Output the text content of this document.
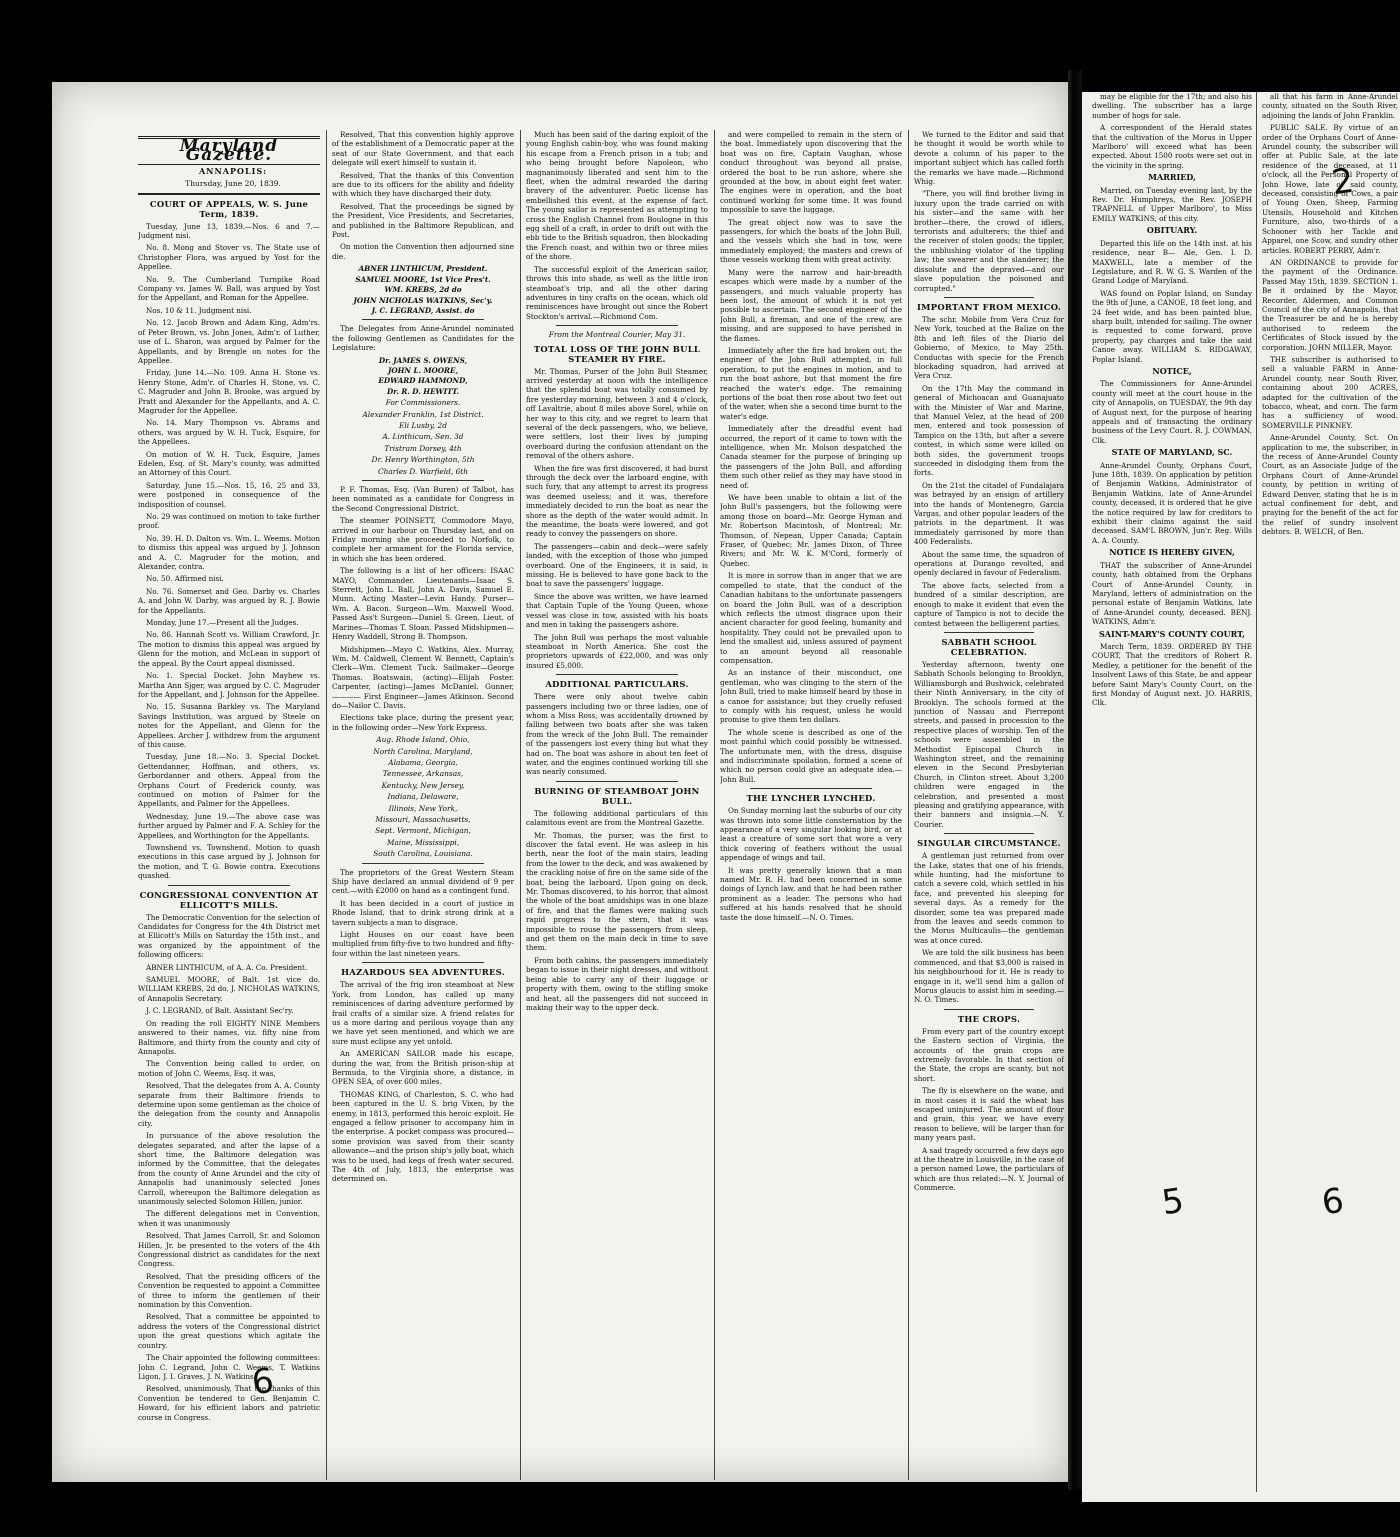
Maryland Gazette.

ANNAPOLIS:

Thursday, June 20, 1839.

COURT OF APPEALS, W. S. June Term, 1839.

Tuesday, June 13, 1839.—Nos. 6 and 7.—Judgment nisi.

No. 8. Mong and Stover vs. The State use of Christopher Flora, was argued by Yost for the Appellee.

No. 9. The Cumberland Turnpike Road Company vs. James W. Ball, was argued by Yost for the Appellant, and Roman for the Appellee.

Nos. 10 & 11. Judgment nisi.

No. 12. Jacob Brown and Adam King, Adm'rs. of Peter Brown, vs. John Jones, Adm'r. of Luther, use of L. Sharon, was argued by Palmer for the Appellants, and by Brengle on notes for the Appellee.

Friday, June 14.—No. 109. Anna H. Stone vs. Henry Stone, Adm'r. of Charles H. Stone, vs. C. C. Magruder and John B. Brooke, was argued by Pratt and Alexander for the Appellants, and A. C. Magruder for the Appellee.

No. 14. Mary Thompson vs. Abrams and others, was argued by W. H. Tuck, Esquire, for the Appellees.

On motion of W. H. Tuck, Esquire, James Edelen, Esq. of St. Mary's county, was admitted an Attorney of this Court.

Saturday, June 15.—Nos. 15, 16, 25 and 33, were postponed in consequence of the indisposition of counsel.

No. 29 was continued on motion to take further proof.

No. 39. H. D. Dalton vs. Wm. L. Weems. Motion to dismiss this appeal was argued by J. Johnson and A. C. Magruder for the motion, and Alexander, contra.

No. 50. Affirmed nisi.

No. 76. Somerset and Geo. Darby vs. Charles A. and John W. Darby, was argued by R. J. Bowie for the Appellants.

Monday, June 17.—Present all the Judges.

No. 86. Hannah Scott vs. William Crawford, Jr. The motion to dismiss this appeal was argued by Glenn for the motion, and McLean in support of the appeal. By the Court appeal dismissed.

No. 1. Special Docket. John Mayhew vs. Martha Ann Sjger, was argued by C. C. Magruder for the Appellant, and J. Johnson for the Appellee.

No. 15. Susanna Barkley vs. The Maryland Savings Institution, was argued by Steele on notes for the Appellant, and Glenn for the Appellees. Archer J. withdrew from the argument of this cause.

Tuesday, June 18.—No. 3. Special Docket. Gettendanner, Hoffman, and others, vs. Gerbordanner and others. Appeal from the Orphans Court of Frederick county, was continued on motion of Palmer for the Appellants, and Palmer for the Appellees.

Wednesday, June 19.—The above case was further argued by Palmer and F. A. Schley for the Appellees, and Worthington for the Appellants.

Townshend vs. Townshend. Motion to quash executions in this case argued by J. Johnson for the motion, and T. G. Bowie contra. Executions quashed.

CONGRESSIONAL CONVENTION AT ELLICOTT'S MILLS.

The Democratic Convention for the selection of Candidates for Congress for the 4th District met at Ellicott's Mills on Saturday the 15th inst., and was organized by the appointment of the following officers:

ABNER LINTHICUM, of A. A. Co. President.

SAMUEL MOORE, of Balt. 1st vice do. WILLIAM KREBS, 2d do. J. NICHOLAS WATKINS, of Annapolis Secretary.

J. C. LEGRAND, of Balt. Assistant Sec'ry.

On reading the roll EIGHTY NINE Members answered to their names, viz. fifty nine from Baltimore, and thirty from the county and city of Annapolis.

The Convention being called to order, on motion of John C. Weems, Esq. it was,

Resolved, That the delegates from A. A. County separate from their Baltimore friends to determine upon some gentleman as the choice of the delegation from the county and Annapolis city.

In pursuance of the above resolution the delegates separated, and after the lapse of a short time, the Baltimore delegation was informed by the Committee, that the delegates from the county of Anne Arundel and the city of Annapolis had unanimously selected Jones Carroll, whereupon the Baltimore delegation as unanimously selected Solomon Hillen, junior.

The different delegations met in Convention, when it was unanimously

Resolved, That James Carroll, Sr. and Solomon Hillen, Jr. be presented to the voters of the 4th Congressional district as candidates for the next Congress.

Resolved, That the presiding officers of the Convention be requested to appoint a Committee of three to inform the gentlemen of their nomination by this Convention.

Resolved, That a committee be appointed to address the voters of the Congressional district upon the great questions which agitate the country.

The Chair appointed the following committees: John C. Legrand, John C. Weems, T. Watkins Ligon, J. I. Graves, J. N. Watkins.

Resolved, unanimously, That the thanks of this Convention be tendered to Gen. Benjamin C. Howard, for his efficient labors and patriotic course in Congress.

Resolved, That this convention highly approve of the establishment of a Democratic paper at the seat of our State Government, and that each delegate will exert himself to sustain it.

Resolved, That the thanks of this Convention are due to its officers for the ability and fidelity with which they have discharged their duty.

Resolved, That the proceedings be signed by the President, Vice Presidents, and Secretaries, and published in the Baltimore Republican, and Post.

On motion the Convention then adjourned sine die.

ABNER LINTHICUM, President.

SAMUEL MOORE, 1st Vice Pres't.

WM. KREBS, 2d do

JOHN NICHOLAS WATKINS, Sec'y.

J. C. LEGRAND, Assist. do

The Delegates from Anne-Arundel nominated the following Gentlemen as Candidates for the Legislature:

Dr. JAMES S. OWENS,

JOHN L. MOORE,

EDWARD HAMMOND,

Dr. R. D. HEWITT.

For Commissioners.

Alexander Franklin, 1st District.

Eli Lusby, 2d

A. Linthicum, Sen. 3d

Tristram Dorsey, 4th

Dr. Henry Worthington, 5th

Charles D. Warfield, 6th

P. F. Thomas, Esq. (Van Buren) of Talbot, has been nominated as a candidate for Congress in the Second Congressional District.

The steamer POINSETT, Commodore Mayo, arrived in our harbour on Thursday last, and on Friday morning she proceeded to Norfolk, to complete her armament for the Florida service, in which she has been ordered.

The following is a list of her officers: ISAAC MAYO, Commander. Lieutenants—Isaac S. Sterrett, John L. Ball, John A. Davis, Samuel E. Munn. Acting Master—Levin Handy. Purser—Wm. A. Bacon. Surgeon—Wm. Maxwell Wood. Passed Ass't Surgeon—Daniel S. Green. Lieut. of Marines—Thomas T. Sloan. Passed Midshipmen—Henry Waddell, Strong B. Thompson.

Midshipmen—Mayo C. Watkins, Alex. Murray, Wm. M. Caldwell, Clement W. Bennett, Captain's Clerk—Wm. Clement Tuck. Sailmaker—George Thomas. Boatswain, (acting)—Elijah Foster. Carpenter, (acting)—James McDaniel. Gunner, ———— First Engineer—James Atkinson. Second do—Nailor C. Davis.

Elections take place, during the present year, in the following order—New York Express.

Aug. Rhode Island, Ohio,

North Carolina, Maryland,

Alabama, Georgia,

Tennessee, Arkansas,

Kentucky, New Jersey,

Indiana, Delaware,

Illinois, New York,

Missouri, Massachusetts,

Sept. Vermont, Michigan,

Maine, Mississippi,

South Carolina, Louisiana.

The proprietors of the Great Western Steam Ship have declared an annual dividend of 9 per cent.—with £2000 on hand as a contingent fund.

It has been decided in a court of justice in Rhode Island, that to drink strong drink at a tavern subjects a man to disgrace.

Light Houses on our coast have been multiplied from fifty-five to two hundred and fifty-four within the last nineteen years.

HAZARDOUS SEA ADVENTURES.

The arrival of the frig iron steamboat at New York, from London, has called up many reminiscences of daring adventure performed by frail crafts of a similar size. A friend relates for us a more daring and perilous voyage than any we have yet seen mentioned, and which we are sure must eclipse any yet untold.

An AMERICAN SAILOR made his escape, during the war, from the British prison-ship at Bermuda, to the Virginia shore, a distance, in OPEN SEA, of over 600 miles.

THOMAS KING, of Charleston, S. C. who had been captured in the U. S. brig Vixen, by the enemy, in 1813, performed this heroic exploit. He engaged a fellow prisoner to accompany him in the enterprise. A pocket compass was procured—some provision was saved from their scanty allowance—and the prison ship's jolly boat, which was to be used, had kegs of fresh water secured. The 4th of July, 1813, the enterprise was determined on.

Much has been said of the daring exploit of the young English cabin-boy, who was found making his escape from a French prison in a tub; and who being brought before Napoleon, who magnanimously liberated and sent him to the fleet, when the admiral rewarded the daring bravery of the adventurer. Poetic license has embellished this event, at the expense of fact. The young sailor is represented as attempting to cross the English Channel from Boulogne in this egg shell of a craft, in order to drift out with the ebb tide to the British squadron, then blockading the French coast, and within two or three miles of the shore.

The successful exploit of the American sailor, throws this into shade, as well as the little iron steamboat's trip, and all the other daring adventures in tiny crafts on the ocean, which old reminiscences have brought out since the Robert Stockton's arrival.—Richmond Com.

From the Montreal Courier, May 31.

TOTAL LOSS OF THE JOHN BULL STEAMER BY FIRE.

Mr. Thomas, Purser of the John Bull Steamer, arrived yesterday at noon with the intelligence that the splendid boat was totally consumed by fire yesterday morning, between 3 and 4 o'clock, off Lavaltrie, about 8 miles above Sorel, while on her way to this city, and we regret to learn that several of the deck passengers, who, we believe, were settlers, lost their lives by jumping overboard during the confusion attendant on the removal of the others ashore.

When the fire was first discovered, it had burst through the deck over the larboard engine, with such fury, that any attempt to arrest its progress was deemed useless; and it was, therefore immediately decided to run the boat as near the shore as the depth of the water would admit. In the meantime, the boats were lowered, and got ready to convey the passengers on shore.

The passengers—cabin and deck—were safely landed, with the exception of those who jumped overboard. One of the Engineers, it is said, is missing. He is believed to have gone back to the boat to save the passengers' luggage.

Since the above was written, we have learned that Captain Tuple of the Young Queen, whose vessel was close in tow, assisted with his boats and men in taking the passengers ashore.

The John Bull was perhaps the most valuable steamboat in North America. She cost the proprietors upwards of £22,000, and was only insured £5,000.

ADDITIONAL PARTICULARS.

There were only about twelve cabin passengers including two or three ladies, one of whom a Miss Ross, was accidentally drowned by falling between two boats after she was taken from the wreck of the John Bull. The remainder of the passengers lost every thing but what they had on. The boat was ashore in about ten feet of water, and the engines continued working till she was nearly consumed.

BURNING OF STEAMBOAT JOHN BULL.

The following additional particulars of this calamitous event are from the Montreal Gazette.

Mr. Thomas, the purser, was the first to discover the fatal event. He was asleep in his berth, near the foot of the main stairs, leading from the lower to the deck, and was awakened by the crackling noise of fire on the same side of the boat, being the larboard. Upon going on deck, Mr. Thomas discovered, to his horror, that almost the whole of the boat amidships was in one blaze of fire, and that the flames were making such rapid progress to the stern, that it was impossible to rouse the passengers from sleep, and get them on the main deck in time to save them.

From both cabins, the passengers immediately began to issue in their night dresses, and without being able to carry any of their luggage or property with them, owing to the stifling smoke and heat, all the passengers did not succeed in making their way to the upper deck.

and were compelled to remain in the stern of the boat. Immediately upon discovering that the boat was on fire, Captain Vaughan, whose conduct throughout was beyond all praise, ordered the boat to be run ashore, where she grounded at the bow, in about eight feet water. The engines were in operation, and the boat continued working for some time. It was found impossible to save the luggage.

The great object now was to save the passengers, for which the boats of the John Bull, and the vessels which she had in tow, were immediately employed; the masters and crews of those vessels working them with great activity.

Many were the narrow and hair-breadth escapes which were made by a number of the passengers, and much valuable property has been lost, the amount of which it is not yet possible to ascertain. The second engineer of the John Bull, a fireman, and one of the crew, are missing, and are supposed to have perished in the flames.

Immediately after the fire had broken out, the engineer of the John Bull attempted, in full operation, to put the engines in motion, and to run the boat ashore, but that moment the fire reached the water's edge. The remaining portions of the boat then rose about two feet out of the water, when she a second time burnt to the water's edge.

Immediately after the dreadful event had occurred, the report of it came to town with the intelligence, when Mr. Molson despatched the Canada steamer for the purpose of bringing up the passengers of the John Bull, and affording them such other relief as they may have stood in need of.

We have been unable to obtain a list of the John Bull's passengers, but the following were among those on board—Mr. George Hyman and Mr. Robertson Macintosh, of Montreal; Mr. Thomson, of Nepean, Upper Canada; Captain Fraser, of Quebec; Mr. James Dixon, of Three Rivers; and Mr. W. K. M'Cord, formerly of Quebec.

It is more in sorrow than in anger that we are compelled to state, that the conduct of the Canadian habitans to the unfortunate passengers on board the John Bull, was of a description which reflects the utmost disgrace upon their ancient character for good feeling, humanity and hospitality. They could not be prevailed upon to lend the smallest aid, unless assured of payment to an amount beyond all reasonable compensation.

As an instance of their misconduct, one gentleman, who was clinging to the stern of the John Bull, tried to make himself heard by those in a canoe for assistance; but they cruelly refused to comply with his request, unless he would promise to give them ten dollars.

The whole scene is described as one of the most painful which could possibly be witnessed. The unfortunate men, with the dress, disguise and indiscriminate spoilation, formed a scene of which no person could give an adequate idea.—John Bull.

THE LYNCHER LYNCHED.

On Sunday morning last the suburbs of our city was thrown into some little consternation by the appearance of a very singular looking bird, or at least a creature of some sort that wore a very thick covering of feathers without the usual appendage of wings and tail.

It was pretty generally known that a man named Mr. R. H. had been concerned in some doings of Lynch law, and that he had been rather prominent as a leader. The persons who had suffered at his hands resolved that he should taste the dose himself.—N. O. Times.

We turned to the Editor and said that he thought it would be worth while to devote a column of his paper to the important subject which has called forth the remarks we have made.—Richmond Whig.

"There, you will find brother living in luxury upon the trade carried on with his sister—and the same with her brother—there, the crowd of idlers, terrorists and adulterers; the thief and the receiver of stolen goods; the tippler, the unblushing violator of the tippling law; the swearer and the slanderer; the dissolute and the depraved—and our slave population the poisoned and corrupted."

IMPORTANT FROM MEXICO.

The schr. Mobile from Vera Cruz for New York, touched at the Balize on the 8th and left files of the Diario del Gobierno, of Mexico, to May 25th. Conductas with specie for the French blockading squadron, had arrived at Vera Cruz.

On the 17th May the command in general of Michoacan and Guanajuato with the Minister of War and Marine, that Manuel Velez, at the head of 200 men, entered and took possession of Tampico on the 13th, but after a severe contest, in which some were killed on both sides, the government troops succeeded in dislodging them from the forts.

On the 21st the citadel of Fundalajara was betrayed by an ensign of artillery into the hands of Montenegro, Garcia Vargas, and other popular leaders of the patriots in the department. It was immediately garrisoned by more than 400 Federalists.

About the same time, the squadron of operations at Durango revolted, and openly declared in favour of Federalism.

The above facts, selected from a hundred of a similar description, are enough to make it evident that even the capture of Tampico is not to decide the contest between the belligerent parties.

SABBATH SCHOOL CELEBRATION.

Yesterday afternoon, twenty one Sabbath Schools belonging to Brooklyn, Williamsburgh and Bushwick, celebrated their Ninth Anniversary, in the city of Brooklyn. The schools formed at the junction of Nassau and Pierrepont streets, and passed in procession to the respective places of worship. Ten of the schools were assembled in the Methodist Episcopal Church in Washington street, and the remaining eleven in the Second Presbyterian Church, in Clinton street. About 3,200 children were engaged in the celebration, and presented a most pleasing and gratifying appearance, with their banners and insignia.—N. Y. Courier.

SINGULAR CIRCUMSTANCE.

A gentleman just returned from over the Lake, states that one of his friends, while hunting, had the misfortune to catch a severe cold, which settled in his face, and prevented his sleeping for several days. As a remedy for the disorder, some tea was prepared made from the leaves and seeds common to the Morus Multicaulis—the gentleman was at once cured.

We are told the silk business has been commenced, and that $3,000 is raised in his neighbourhood for it. He is ready to engage in it, we'll send him a gallon of Morus glaucis to assist him in seeding.—N. O. Times.

THE CROPS.

From every part of the country except the Eastern section of Virginia, the accounts of the grain crops are extremely favorable. In that section of the State, the crops are scanty, but not short.

The fly is elsewhere on the wane, and in most cases it is said the wheat has escaped uninjured. The amount of flour and grain, this year, we have every reason to believe, will be larger than for many years past.

A sad tragedy occurred a few days ago at the theatre in Louisville, in the case of a person named Lowe, the particulars of which are thus related:—N. Y. Journal of Commerce.

6

may be eligible for the 17th; and also his dwelling. The subscriber has a large number of hogs for sale.

A correspondent of the Herald states that the cultivation of the Morus in Upper Marlboro' will exceed what has been expected. About 1500 roots were set out in the vicinity in the spring.

MARRIED,

Married, on Tuesday evening last, by the Rev. Dr. Humphreys, the Rev. JOSEPH TRAPNELL of Upper Marlboro', to Miss EMILY WATKINS, of this city.

OBITUARY.

Departed this life on the 14th inst. at his residence, near B— Ale, Gen. I. D. MAXWELL, late a member of the Legislature, and R. W. G. S. Warden of the Grand Lodge of Maryland.

WAS found on Poplar Island, on Sunday the 9th of June, a CANOE, 18 feet long, and 24 feet wide, and has been painted blue, sharp built, intended for sailing. The owner is requested to come forward, prove property, pay charges and take the said Canoe away. WILLIAM S. RIDGAWAY, Poplar Island.

NOTICE,

The Commissioners for Anne-Arundel county will meet at the court house in the city of Annapolis, on TUESDAY, the 9th day of August next, for the purpose of hearing appeals and of transacting the ordinary business of the Levy Court. R. J. COWMAN, Clk.

STATE OF MARYLAND, SC.

Anne-Arundel County, Orphans Court, June 18th, 1839. On application by petition of Benjamin Watkins, Administrator of Benjamin Watkins, late of Anne-Arundel county, deceased, it is ordered that he give the notice required by law for creditors to exhibit their claims against the said deceased. SAM'L BROWN, Jun'r. Reg. Wills A. A. County.

NOTICE IS HEREBY GIVEN,

THAT the subscriber of Anne-Arundel county, hath obtained from the Orphans Court of Anne-Arundel County, in Maryland, letters of administration on the personal estate of Benjamin Watkins, late of Anne-Arundel county, deceased. BENJ. WATKINS, Adm'r.

SAINT-MARY'S COUNTY COURT,

March Term, 1839. ORDERED BY THE COURT, That the creditors of Robert R. Medley, a petitioner for the benefit of the Insolvent Laws of this State, be and appear before Saint Mary's County Court, on the first Monday of August next. JO. HARRIS, Clk.

all that his farm in Anne-Arundel county, situated on the South River, adjoining the lands of John Franklin.

PUBLIC SALE. By virtue of an order of the Orphans Court of Anne-Arundel county, the subscriber will offer at Public Sale, at the late residence of the deceased, at 11 o'clock, all the Personal Property of John Howe, late of said county, deceased, consisting of Cows, a pair of Young Oxen, Sheep, Farming Utensils, Household and Kitchen Furniture, also, two-thirds of a Schooner with her Tackle and Apparel, one Scow, and sundry other articles. ROBERT PERRY, Adm'r.

AN ORDINANCE to provide for the payment of the Ordinance. Passed May 15th, 1839. SECTION 1. Be it ordained by the Mayor, Recorder, Aldermen, and Common Council of the city of Annapolis, that the Treasurer be and he is hereby authorised to redeem the Certificates of Stock issued by the corporation. JOHN MILLER, Mayor.

THE subscriber is authorised to sell a valuable FARM in Anne-Arundel county, near South River, containing about 200 ACRES, adapted for the cultivation of the tobacco, wheat, and corn. The farm has a sufficiency of wood. SOMERVILLE PINKNEY.

Anne-Arundel County, Sct. On application to me, the subscriber, in the recess of Anne-Arundel County Court, as an Associate Judge of the Orphans Court of Anne-Arundel county, by petition in writing of Edward Denver, stating that he is in actual confinement for debt, and praying for the benefit of the act for the relief of sundry insolvent debtors. B. WELCH, of Ben.

5	6
2
